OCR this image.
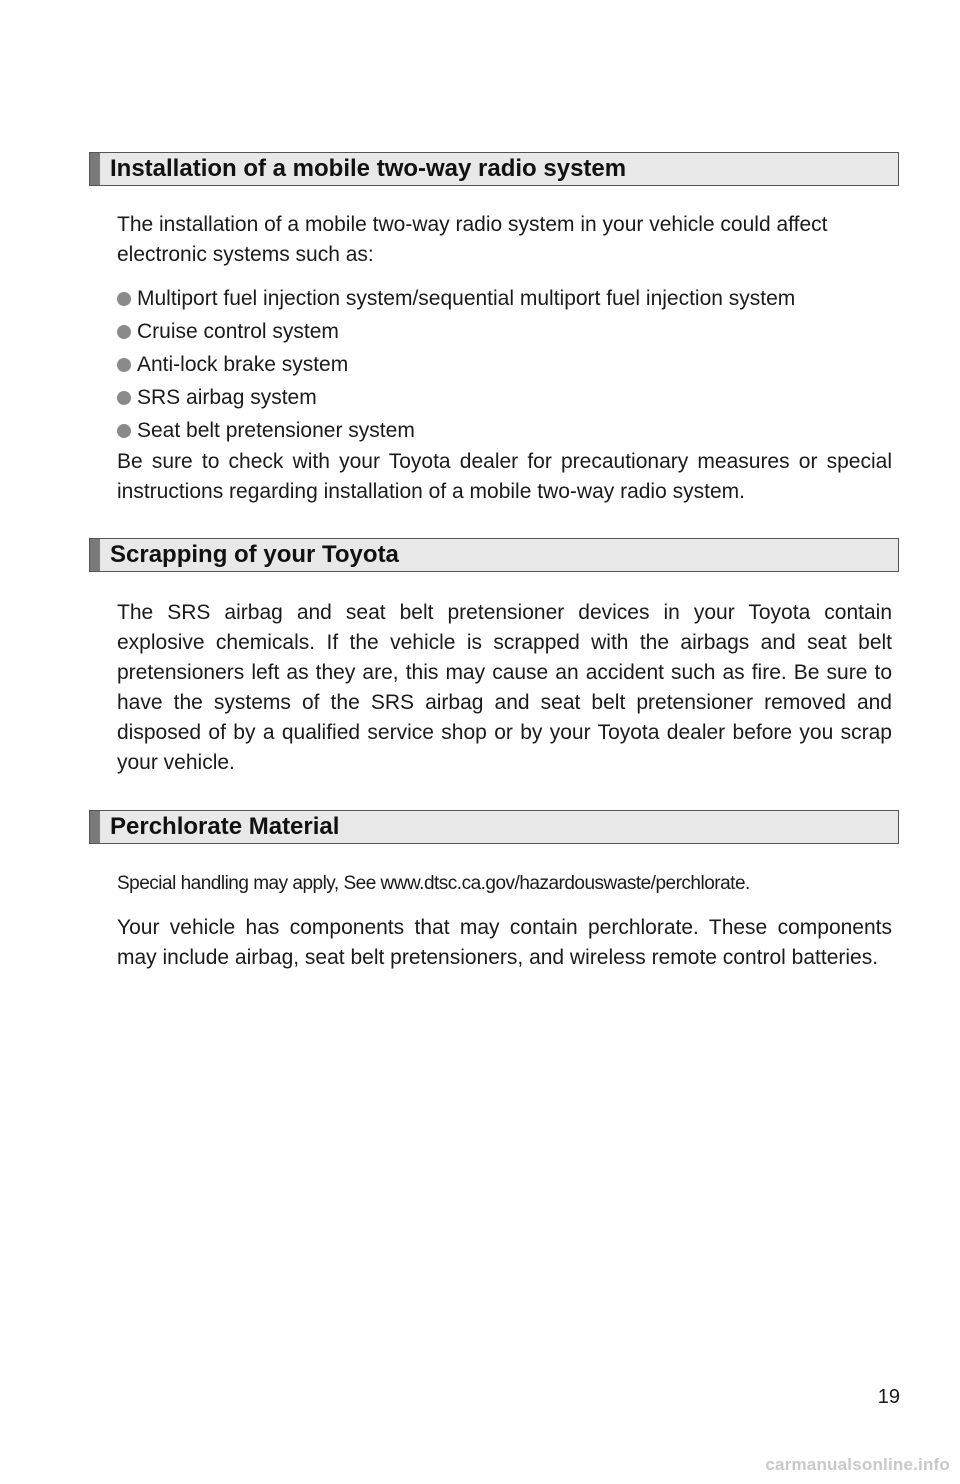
Installation of a mobile two-way radio system
The installation of a mobile two-way radio system in your vehicle could affect electronic systems such as:
Multiport fuel injection system/sequential multiport fuel injection system
Cruise control system
Anti-lock brake system
SRS airbag system
Seat belt pretensioner system
Be sure to check with your Toyota dealer for precautionary measures or special instructions regarding installation of a mobile two-way radio system.
Scrapping of your Toyota
The SRS airbag and seat belt pretensioner devices in your Toyota contain explosive chemicals. If the vehicle is scrapped with the airbags and seat belt pretensioners left as they are, this may cause an accident such as fire. Be sure to have the systems of the SRS airbag and seat belt pretensioner removed and disposed of by a qualified service shop or by your Toyota dealer before you scrap your vehicle.
Perchlorate Material
Special handling may apply, See www.dtsc.ca.gov/hazardouswaste/perchlorate.
Your vehicle has components that may contain perchlorate. These components may include airbag, seat belt pretensioners, and wireless remote control batteries.
19
carmanualsonline.info
